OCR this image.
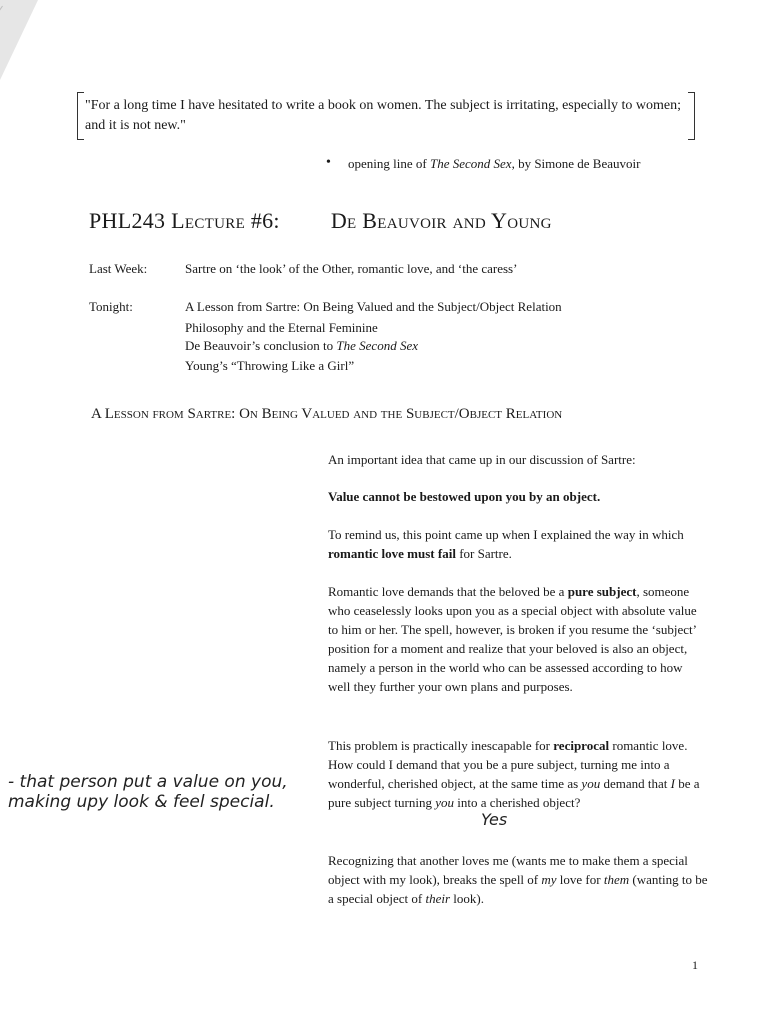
"For a long time I have hesitated to write a book on women. The subject is irritating, especially to women; and it is not new."
• opening line of The Second Sex, by Simone de Beauvoir
PHL243 Lecture #6: De Beauvoir and Young
Last Week:	Sartre on ‘the look’ of the Other, romantic love, and ‘the caress’
Tonight:	A Lesson from Sartre: On Being Valued and the Subject/Object Relation
Philosophy and the Eternal Feminine
De Beauvoir’s conclusion to The Second Sex
Young’s “Throwing Like a Girl”
A Lesson from Sartre: On Being Valued and the Subject/Object Relation

An important idea that came up in our discussion of Sartre:

Value cannot be bestowed upon you by an object.

To remind us, this point came up when I explained the way in which romantic love must fail for Sartre.

Romantic love demands that the beloved be a pure subject, someone who ceaselessly looks upon you as a special object with absolute value to him or her. The spell, however, is broken if you resume the ‘subject’ position for a moment and realize that your beloved is also an object, namely a person in the world who can be assessed according to how well they further your own plans and purposes.

This problem is practically inescapable for reciprocal romantic love. How could I demand that you be a pure subject, turning me into a wonderful, cherished object, at the same time as you demand that I be a pure subject turning you into a cherished object?

Recognizing that another loves me (wants me to make them a special object with my look), breaks the spell of my love for them (wanting to be a special object of their look).

- that person put a value on you, making upy look & feel special.
Yes
1
